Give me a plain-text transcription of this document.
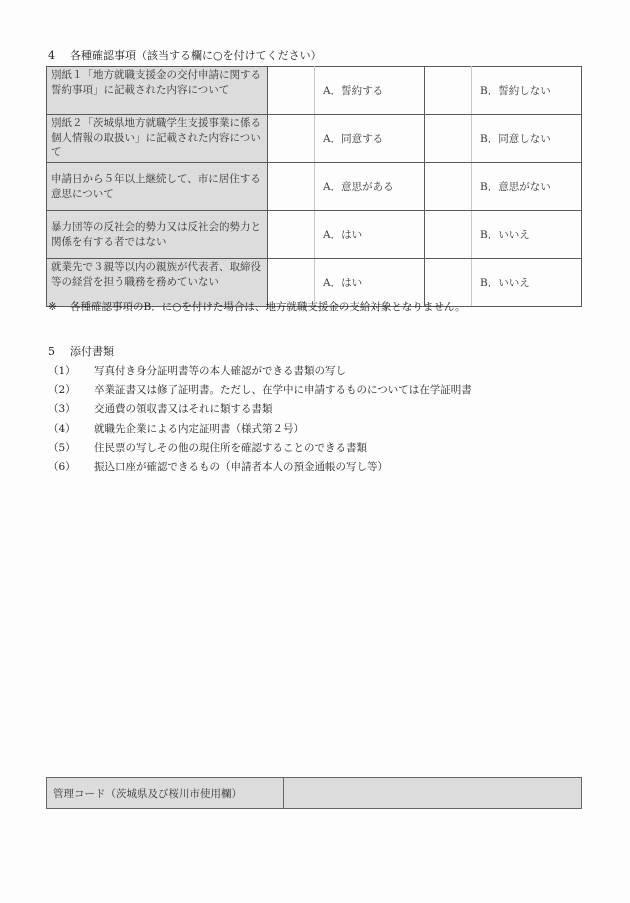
4 各種確認事項（該当する欄に○を付けてください）
別紙１「地方就職支援金の交付申請に関する誓約事項」に記載された内容について		A．誓約する		B．誓約しない
別紙２「茨城県地方就職学生支援事業に係る個人情報の取扱い」に記載された内容について		A．同意する		B．同意しない
申請日から５年以上継続して、市に居住する意思について		A．意思がある		B．意思がない
暴力団等の反社会的勢力又は反社会的勢力と関係を有する者ではない		A．はい		B．いいえ
就業先で３親等以内の親族が代表者、取締役等の経営を担う職務を務めていない		A．はい		B．いいえ
※ 各種確認事項のB．に○を付けた場合は、地方就職支援金の支給対象となりません。
5 添付書類
（1） 写真付き身分証明書等の本人確認ができる書類の写し
（2） 卒業証書又は修了証明書。ただし、在学中に申請するものについては在学証明書
（3） 交通費の領収書又はそれに類する書類
（4） 就職先企業による内定証明書（様式第２号）
（5） 住民票の写しその他の現住所を確認することのできる書類
（6） 振込口座が確認できるもの（申請者本人の預金通帳の写し等）
管理コード（茨城県及び桜川市使用欄）	
